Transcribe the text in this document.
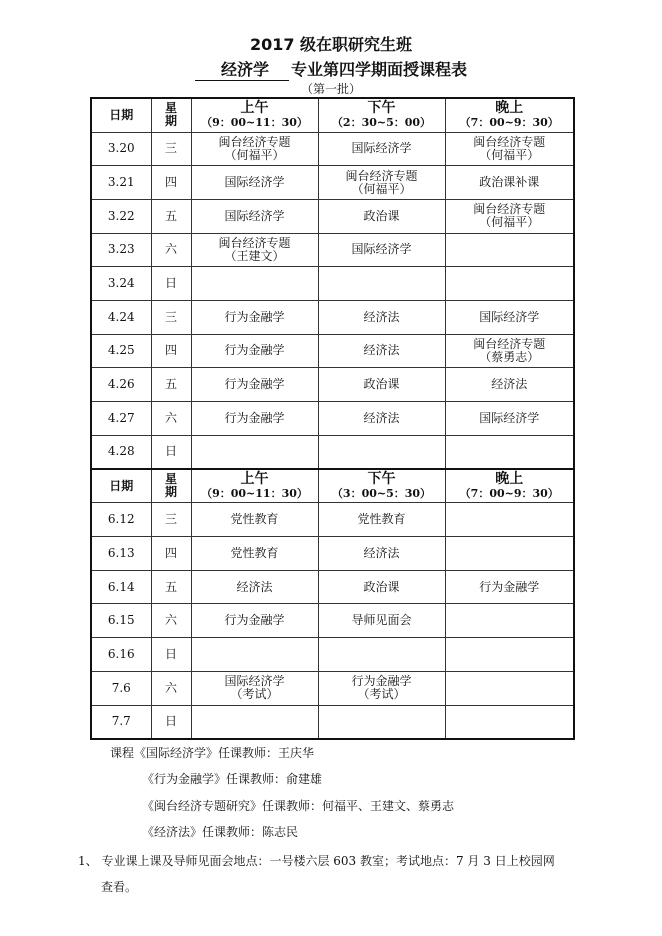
2017 级在职研究生班
经济学 专业第四学期面授课程表
（第一批）
日期	星期	上午
（9：00~11：30）	下午
（2：30~5：00）	晚上
（7：00~9：30）

3.20	三	闽台经济专题
（何福平）	国际经济学	闽台经济专题
（何福平）

3.21	四	国际经济学	闽台经济专题
（何福平）	政治课补课

3.22	五	国际经济学	政治课	闽台经济专题
（何福平）

3.23	六	闽台经济专题
（王建文）	国际经济学	

3.24	日			
4.24	三	行为金融学	经济法	国际经济学

4.25	四	行为金融学	经济法	闽台经济专题
（蔡勇志）

4.26	五	行为金融学	政治课	经济法

4.27	六	行为金融学	经济法	国际经济学

4.28	日			
日期	星期	上午
（9：00~11：30）	下午
（3：00~5：30）	晚上
（7：00~9：30）

6.12	三	党性教育	党性教育	

6.13	四	党性教育	经济法	

6.14	五	经济法	政治课	行为金融学

6.15	六	行为金融学	导师见面会	

6.16	日			
7.6	六	国际经济学
（考试）	行为金融学
（考试）	

7.7	日			
课程《国际经济学》任课教师：王庆华
《行为金融学》任课教师：俞建雄
《闽台经济专题研究》任课教师：何福平、王建文、蔡勇志
《经济法》任课教师：陈志民
1、 专业课上课及导师见面会地点：一号楼六层 603 教室；考试地点：7 月 3 日上校园网
查看。
